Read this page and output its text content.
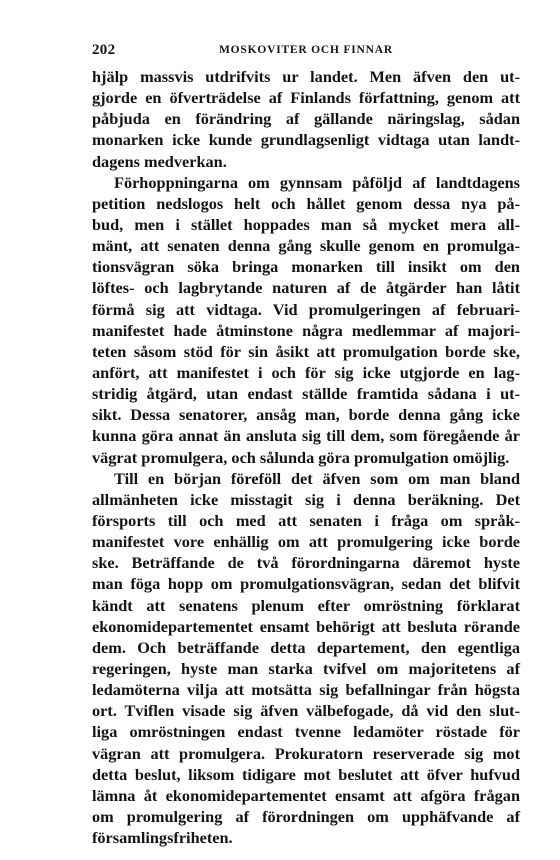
202	MOSKOVITER OCH FINNAR
hjälp massvis utdrifvits ur landet. Men äfven den ut-
gjorde en öfverträdelse af Finlands författning, genom att
påbjuda en förändring af gällande näringslag, sådan
monarken icke kunde grundlagsenligt vidtaga utan landt-
dagens medverkan.
Förhoppningarna om gynnsam påföljd af landtdagens
petition nedslogos helt och hållet genom dessa nya på-
bud, men i stället hoppades man så mycket mera all-
mänt, att senaten denna gång skulle genom en promulga-
tionsvägran söka bringa monarken till insikt om den
löftes- och lagbrytande naturen af de åtgärder han låtit
förmå sig att vidtaga. Vid promulgeringen af februari-
manifestet hade åtminstone några medlemmar af majori-
teten såsom stöd för sin åsikt att promulgation borde ske,
anfört, att manifestet i och för sig icke utgjorde en lag-
stridig åtgärd, utan endast ställde framtida sådana i ut-
sikt. Dessa senatorer, ansåg man, borde denna gång icke
kunna göra annat än ansluta sig till dem, som föregående år
vägrat promulgera, och sålunda göra promulgation omöjlig.
Till en början föreföll det äfven som om man bland
allmänheten icke misstagit sig i denna beräkning. Det
försports till och med att senaten i fråga om språk-
manifestet vore enhällig om att promulgering icke borde
ske. Beträffande de två förordningarna däremot hyste
man föga hopp om promulgationsvägran, sedan det blifvit
kändt att senatens plenum efter omröstning förklarat
ekonomidepartementet ensamt behörigt att besluta rörande
dem. Och beträffande detta departement, den egentliga
regeringen, hyste man starka tvifvel om majoritetens af
ledamöterna vilja att motsätta sig befallningar från högsta
ort. Tviflen visade sig äfven välbefogade, då vid den slut-
liga omröstningen endast tvenne ledamöter röstade för
vägran att promulgera. Prokuratorn reserverade sig mot
detta beslut, liksom tidigare mot beslutet att öfver hufvud
lämna åt ekonomidepartementet ensamt att afgöra frågan
om promulgering af förordningen om upphäfvande af
församlingsfriheten.
